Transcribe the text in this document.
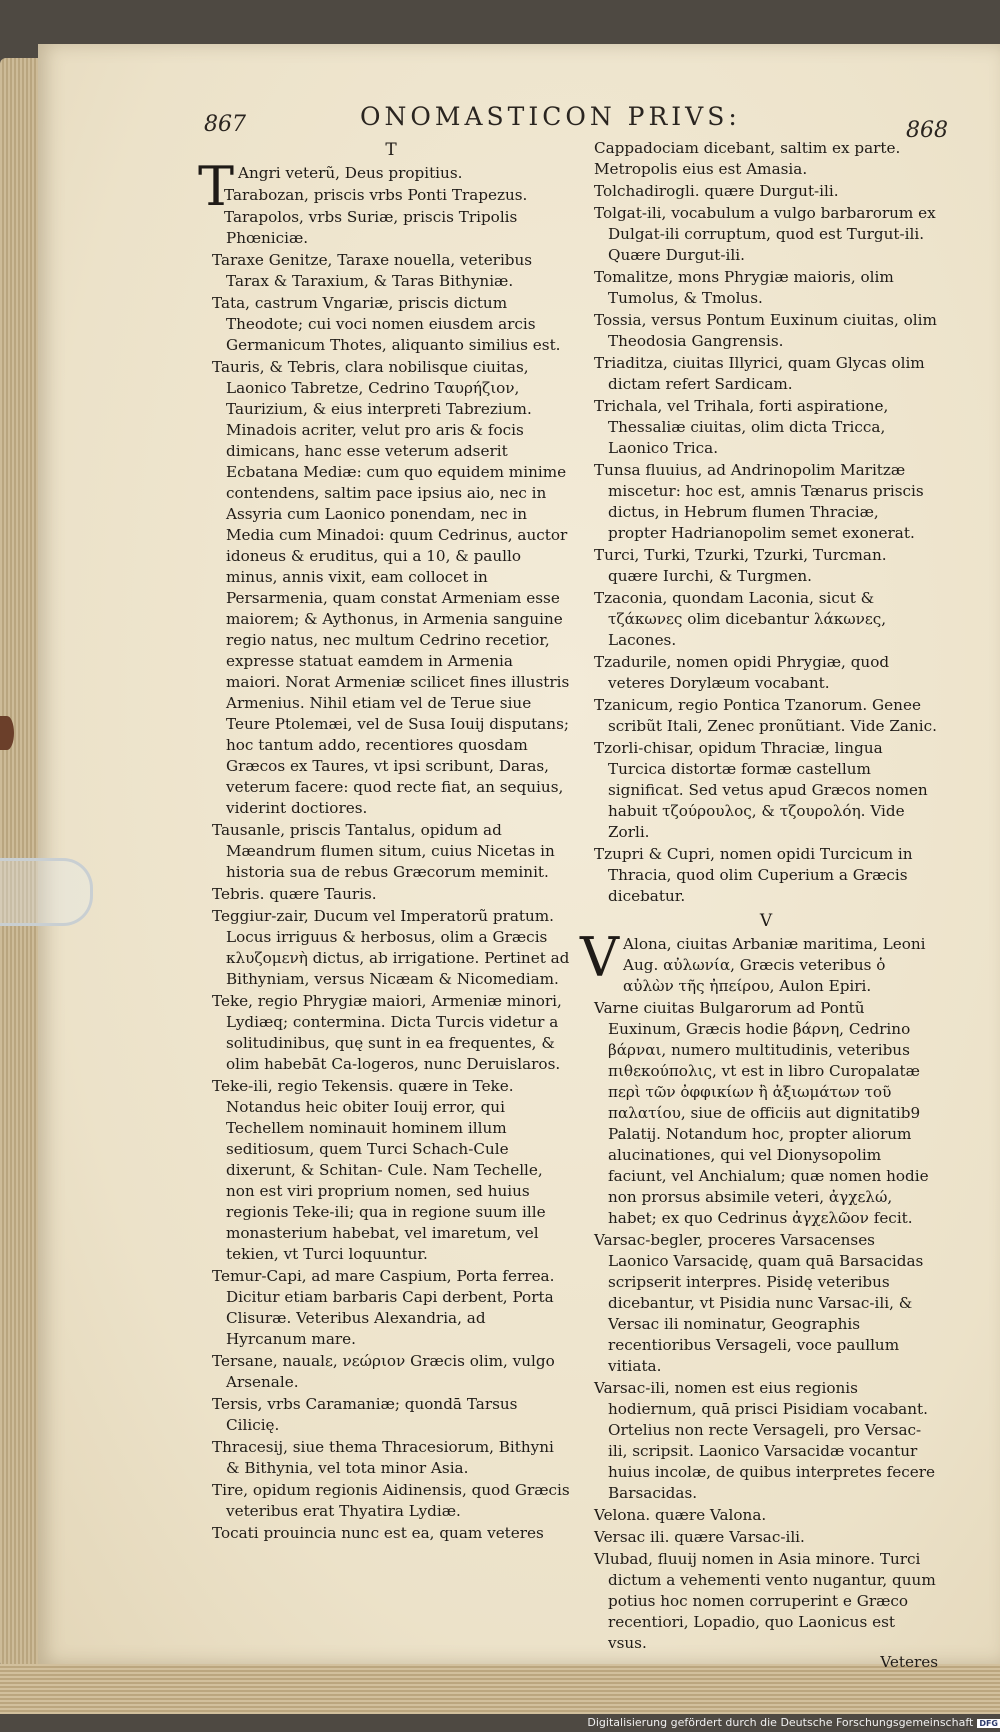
867	ONOMASTICON PRIVS:	868

T

T Angri veterũ, Deus propitius.

Tarabozan, priscis vrbs Ponti Trapezus.

Tarapolos, vrbs Suriæ, priscis Tripolis Phœniciæ.

Taraxe Genitze, Taraxe nouella, veteribus Tarax & Taraxium, & Taras Bithyniæ.

Tata, castrum Vngariæ, priscis dictum Theodote; cui voci nomen eiusdem arcis Germanicum Thotes, aliquanto similius est.

Tauris, & Tebris, clara nobilisque ciuitas, Laonico Tabretze, Cedrino Ταυρήζιον, Taurizium, & eius interpreti Tabrezium. Minadois acriter, velut pro aris & focis dimicans, hanc esse veterum adserit Ecbatana Mediæ: cum quo equidem minime contendens, saltim pace ipsius aio, nec in Assyria cum Laonico ponendam, nec in Media cum Minadoi: quum Cedrinus, auctor idoneus & eruditus, qui a 10, & paullo minus, annis vixit, eam collocet in Persarmenia, quam constat Armeniam esse maiorem; & Aythonus, in Armenia sanguine regio natus, nec multum Cedrino recetior, expresse statuat eamdem in Armenia maiori. Norat Armeniæ scilicet fines illustris Armenius. Nihil etiam vel de Terue siue Teure Ptolemæi, vel de Susa Iouij disputans; hoc tantum addo, recentiores quosdam Græcos ex Taures, vt ipsi scribunt, Daras, veterum facere: quod recte fiat, an sequius, viderint doctiores.

Tausanle, priscis Tantalus, opidum ad Mæandrum flumen situm, cuius Nicetas in historia sua de rebus Græcorum meminit.

Tebris. quære Tauris.

Teggiur-zair, Ducum vel Imperatorũ pratum. Locus irriguus & herbosus, olim a Græcis κλυζομενὴ dictus, ab irrigatione. Pertinet ad Bithyniam, versus Nicæam & Nicomediam.

Teke, regio Phrygiæ maiori, Armeniæ minori, Lydiæq; contermina. Dicta Turcis videtur a solitudinibus, quę sunt in ea frequentes, & olim habebāt Ca-logeros, nunc Deruislaros.

Teke-ili, regio Tekensis. quære in Teke. Notandus heic obiter Iouij error, qui Techellem nominauit hominem illum seditiosum, quem Turci Schach-Cule dixerunt, & Schitan- Cule. Nam Techelle, non est viri proprium nomen, sed huius regionis Teke-ili; qua in regione suum ille monasterium habebat, vel imaretum, vel tekien, vt Turci loquuntur.

Temur-Capi, ad mare Caspium, Porta ferrea. Dicitur etiam barbaris Capi derbent, Porta Clisuræ. Veteribus Alexandria, ad Hyrcanum mare.

Tersane, naualε, νεώριον Græcis olim, vulgo Arsenale.

Tersis, vrbs Caramaniæ; quondā Tarsus Cilicię.

Thracesij, siue thema Thracesiorum, Bithyni & Bithynia, vel tota minor Asia.

Tire, opidum regionis Aidinensis, quod Græcis veteribus erat Thyatira Lydiæ.

Tocati prouincia nunc est ea, quam veteres

Cappadociam dicebant, saltim ex parte. Metropolis eius est Amasia.

Tolchadirogli. quære Durgut-ili.

Tolgat-ili, vocabulum a vulgo barbarorum ex Dulgat-ili corruptum, quod est Turgut-ili. Quære Durgut-ili.

Tomalitze, mons Phrygiæ maioris, olim Tumolus, & Tmolus.

Tossia, versus Pontum Euxinum ciuitas, olim Theodosia Gangrensis.

Triaditza, ciuitas Illyrici, quam Glycas olim dictam refert Sardicam.

Trichala, vel Trihala, forti aspiratione, Thessaliæ ciuitas, olim dicta Tricca, Laonico Trica.

Tunsa fluuius, ad Andrinopolim Maritzæ miscetur: hoc est, amnis Tænarus priscis dictus, in Hebrum flumen Thraciæ, propter Hadrianopolim semet exonerat.

Turci, Turki, Tzurki, Tzurki, Turcman. quære Iurchi, & Turgmen.

Tzaconia, quondam Laconia, sicut & τζάκωνες olim dicebantur λάκωνες, Lacones.

Tzadurile, nomen opidi Phrygiæ, quod veteres Dorylæum vocabant.

Tzanicum, regio Pontica Tzanorum. Genee scribũt Itali, Zenec pronũtiant. Vide Zanic.

Tzorli-chisar, opidum Thraciæ, lingua Turcica distortæ formæ castellum significat. Sed vetus apud Græcos nomen habuit τζούρουλος, & τζουρολόη. Vide Zorli.

Tzupri & Cupri, nomen opidi Turcicum in Thracia, quod olim Cuperium a Græcis dicebatur.

V

V Alona, ciuitas Arbaniæ maritima, Leoni Aug. αὐλωνία, Græcis veteribus ὁ αὐλὼν τῆς ἠπείρου, Aulon Epiri.

Varne ciuitas Bulgarorum ad Pontũ Euxinum, Græcis hodie βάρνη, Cedrino βάρναι, numero multitudinis, veteribus πιθεκούπολις, vt est in libro Curopalatæ περὶ τῶν ὀφφικίων ἢ ἀξιωμάτων τοῦ παλατίου, siue de officiis aut dignitatib9 Palatij. Notandum hoc, propter aliorum alucinationes, qui vel Dionysopolim faciunt, vel Anchialum; quæ nomen hodie non prorsus absimile veteri, ἀγχελώ, habet; ex quo Cedrinus ἀγχελῶον fecit.

Varsac-begler, proceres Varsacenses Laonico Varsacidę, quam quā Barsacidas scripserit interpres. Pisidę veteribus dicebantur, vt Pisidia nunc Varsac-ili, & Versac ili nominatur, Geographis recentioribus Versageli, voce paullum vitiata.

Varsac-ili, nomen est eius regionis hodiernum, quā prisci Pisidiam vocabant. Ortelius non recte Versageli, pro Versac-ili, scripsit. Laonico Varsacidæ vocantur huius incolæ, de quibus interpretes fecere Barsacidas.

Velona. quære Valona.

Versac ili. quære Varsac-ili.

Vlubad, fluuij nomen in Asia minore. Turci dictum a vehementi vento nugantur, quum potius hoc nomen corruperint e Græco recentiori, Lopadio, quo Laonicus est vsus.

Veteres

Digitalisierung gefördert durch die Deutsche Forschungsgemeinschaft DFG
